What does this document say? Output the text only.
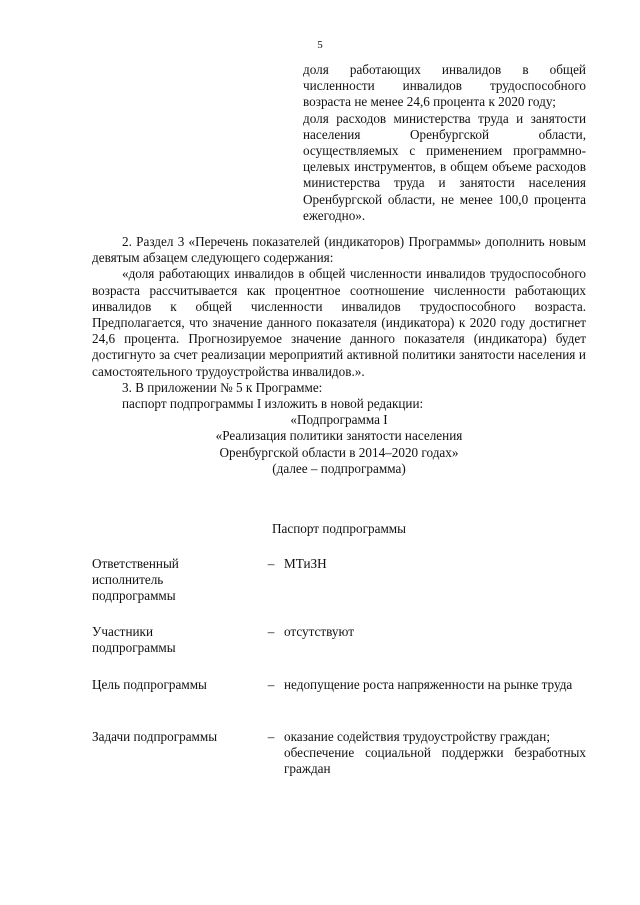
5

доля работающих инвалидов в общей численности инвалидов трудоспособного возраста не менее 24,6 процента к 2020 году;

доля расходов министерства труда и занятости населения Оренбургской области, осуществляемых с применением программно-целевых инструментов, в общем объеме расходов министерства труда и занятости населения Оренбургской области, не менее 100,0 процента ежегодно».

2. Раздел 3 «Перечень показателей (индикаторов) Программы» дополнить новым девятым абзацем следующего содержания:

«доля работающих инвалидов в общей численности инвалидов трудоспособного возраста рассчитывается как процентное соотношение численности работающих инвалидов к общей численности инвалидов трудоспособного возраста. Предполагается, что значение данного показателя (индикатора) к 2020 году достигнет 24,6 процента. Прогнозируемое значение данного показателя (индикатора) будет достигнуто за счет реализации мероприятий активной политики занятости населения и самостоятельного трудоустройства инвалидов.».

3. В приложении № 5 к Программе:

паспорт подпрограммы I изложить в новой редакции:

«Подпрограмма I

«Реализация политики занятости населения

Оренбургской области в 2014–2020 годах»

(далее – подпрограмма)

Паспорт подпрограммы
Ответственный исполнитель подпрограммы
– МТиЗН

Участники подпрограммы
– отсутствуют

Цель подпрограммы	– недопущение роста напряженности на рынке труда

Задачи подпрограммы	– оказание содействия трудоустройству граждан;

обеспечение социальной поддержки безработных граждан
